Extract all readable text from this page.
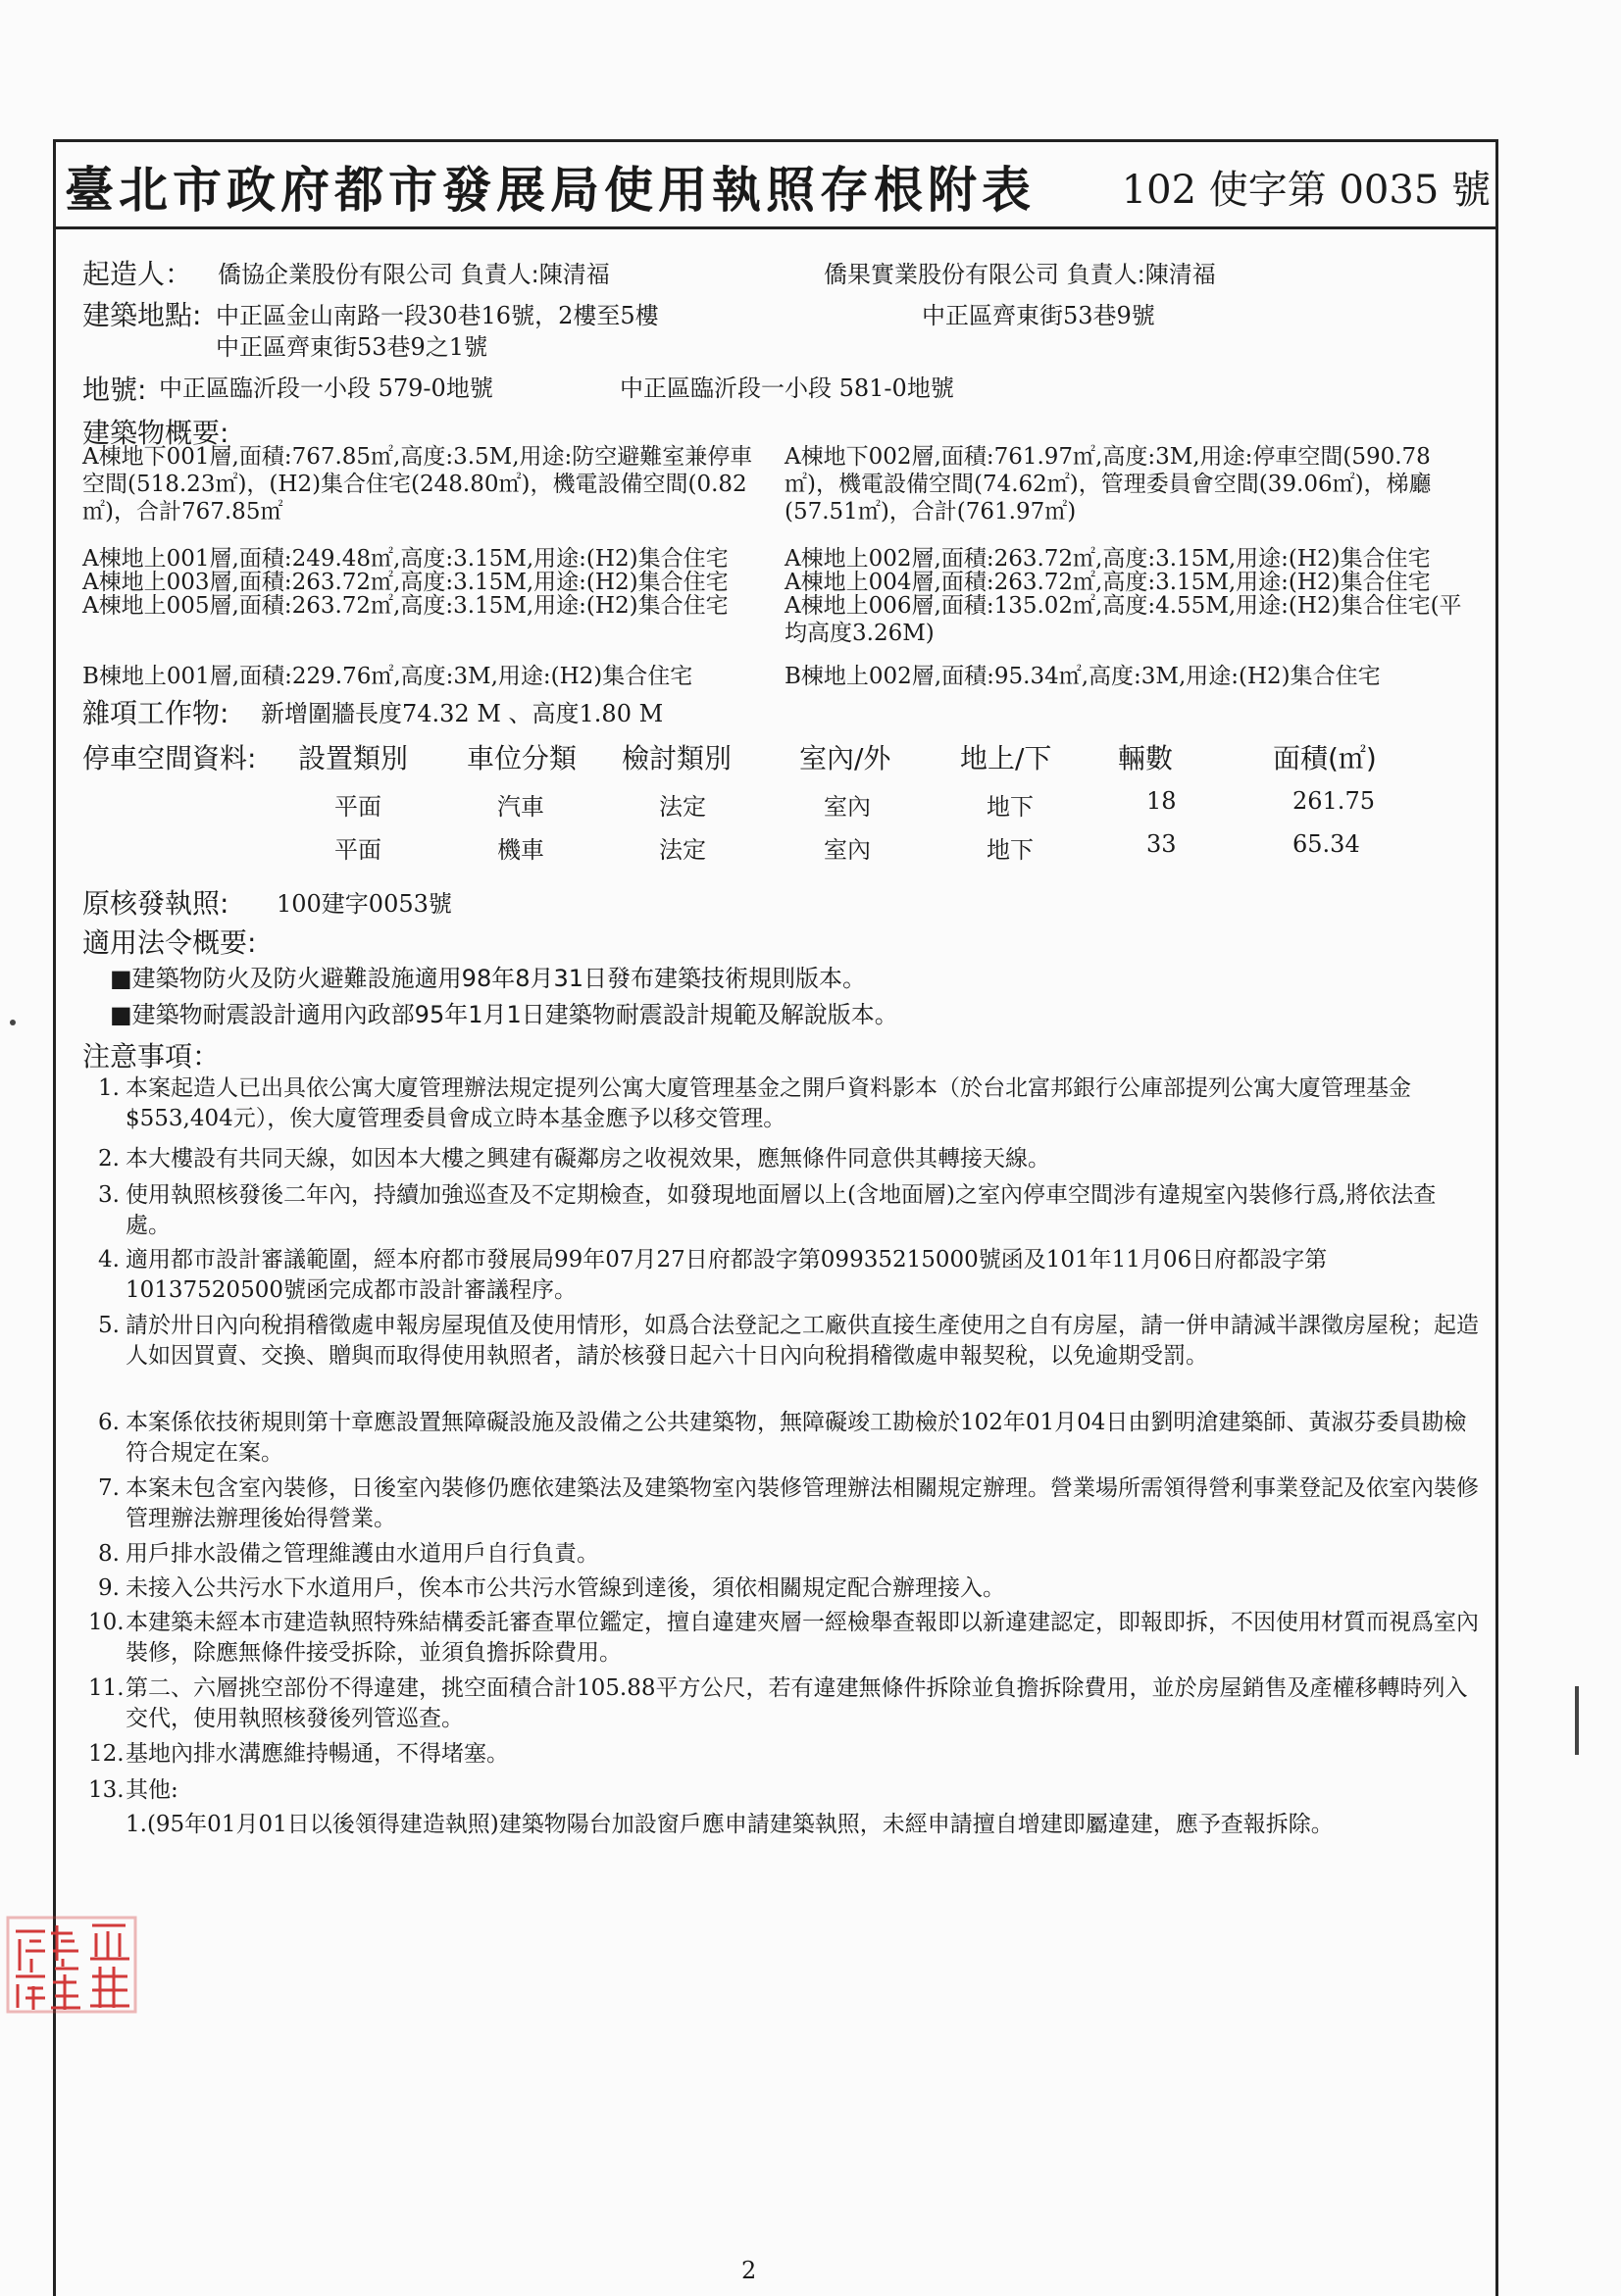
臺北市政府都市發展局使用執照存根附表 102 使字第 0035 號
起造人： 僑協企業股份有限公司 負責人:陳清福	僑果實業股份有限公司 負責人:陳清福
建築地點: 中正區金山南路一段30巷16號，2樓至5樓	中正區齊東街53巷9號
中正區齊東街53巷9之1號
地號: 中正區臨沂段一小段 579-0地號	中正區臨沂段一小段 581-0地號
建築物概要:
A棟地下001層,面積:767.85㎡,高度:3.5M,用途:防空避難室兼停車空間(518.23㎡)，(H2)集合住宅(248.80㎡)，機電設備空間(0.82㎡)，合計767.85㎡
A棟地上001層,面積:249.48㎡,高度:3.15M,用途:(H2)集合住宅
A棟地上003層,面積:263.72㎡,高度:3.15M,用途:(H2)集合住宅
A棟地上005層,面積:263.72㎡,高度:3.15M,用途:(H2)集合住宅
B棟地上001層,面積:229.76㎡,高度:3M,用途:(H2)集合住宅
A棟地下002層,面積:761.97㎡,高度:3M,用途:停車空間(590.78㎡)，機電設備空間(74.62㎡)，管理委員會空間(39.06㎡)，梯廳(57.51㎡)，合計(761.97㎡)
A棟地上002層,面積:263.72㎡,高度:3.15M,用途:(H2)集合住宅
A棟地上004層,面積:263.72㎡,高度:3.15M,用途:(H2)集合住宅
A棟地上006層,面積:135.02㎡,高度:4.55M,用途:(H2)集合住宅(平均高度3.26M)
B棟地上002層,面積:95.34㎡,高度:3M,用途:(H2)集合住宅
雜項工作物: 新增圍牆長度74.32 M 、高度1.80 M
停車空間資料: 設置類別 車位分類 檢討類別 室內/外	地上/下 輛數	面積(㎡)
平面	汽車	法定	室內	地下	18	261.75
平面	機車	法定	室內	地下	33	65.34
原核發執照: 100建字0053號
適用法令概要:
■建築物防火及防火避難設施適用98年8月31日發布建築技術規則版本。
■建築物耐震設計適用內政部95年1月1日建築物耐震設計規範及解說版本。
注意事項：
1. 本案起造人已出具依公寓大廈管理辦法規定提列公寓大廈管理基金之開戶資料影本（於台北富邦銀行公庫部提列公寓大廈管理基金$553,404元），俟大廈管理委員會成立時本基金應予以移交管理。
2. 本大樓設有共同天線，如因本大樓之興建有礙鄰房之收視效果，應無條件同意供其轉接天線。
3. 使用執照核發後二年內，持續加強巡查及不定期檢查，如發現地面層以上(含地面層)之室內停車空間涉有違規室內裝修行爲,將依法查處。
4. 適用都市設計審議範圍，經本府都市發展局99年07月27日府都設字第09935215000號函及101年11月06日府都設字第10137520500號函完成都市設計審議程序。
5. 請於卅日內向稅捐稽徵處申報房屋現值及使用情形，如爲合法登記之工廠供直接生產使用之自有房屋，請一併申請減半課徵房屋稅；起造人如因買賣、交換、贈與而取得使用執照者，請於核發日起六十日內向稅捐稽徵處申報契稅，以免逾期受罰。
6. 本案係依技術規則第十章應設置無障礙設施及設備之公共建築物，無障礙竣工勘檢於102年01月04日由劉明滄建築師、黃淑芬委員勘檢符合規定在案。
7. 本案未包含室內裝修，日後室內裝修仍應依建築法及建築物室內裝修管理辦法相關規定辦理。營業場所需領得營利事業登記及依室內裝修管理辦法辦理後始得營業。
8. 用戶排水設備之管理維護由水道用戶自行負責。
9. 未接入公共污水下水道用戶，俟本市公共污水管線到達後，須依相關規定配合辦理接入。
10. 本建築未經本市建造執照特殊結構委託審查單位鑑定，擅自違建夾層一經檢舉查報即以新違建認定，即報即拆，不因使用材質而視爲室內裝修，除應無條件接受拆除，並須負擔拆除費用。
11. 第二、六層挑空部份不得違建，挑空面積合計105.88平方公尺，若有違建無條件拆除並負擔拆除費用，並於房屋銷售及產權移轉時列入交代，使用執照核發後列管巡查。
12. 基地內排水溝應維持暢通，不得堵塞。
13. 其他:
1.(95年01月01日以後領得建造執照)建築物陽台加設窗戶應申請建築執照，未經申請擅自增建即屬違建，應予查報拆除。
2
